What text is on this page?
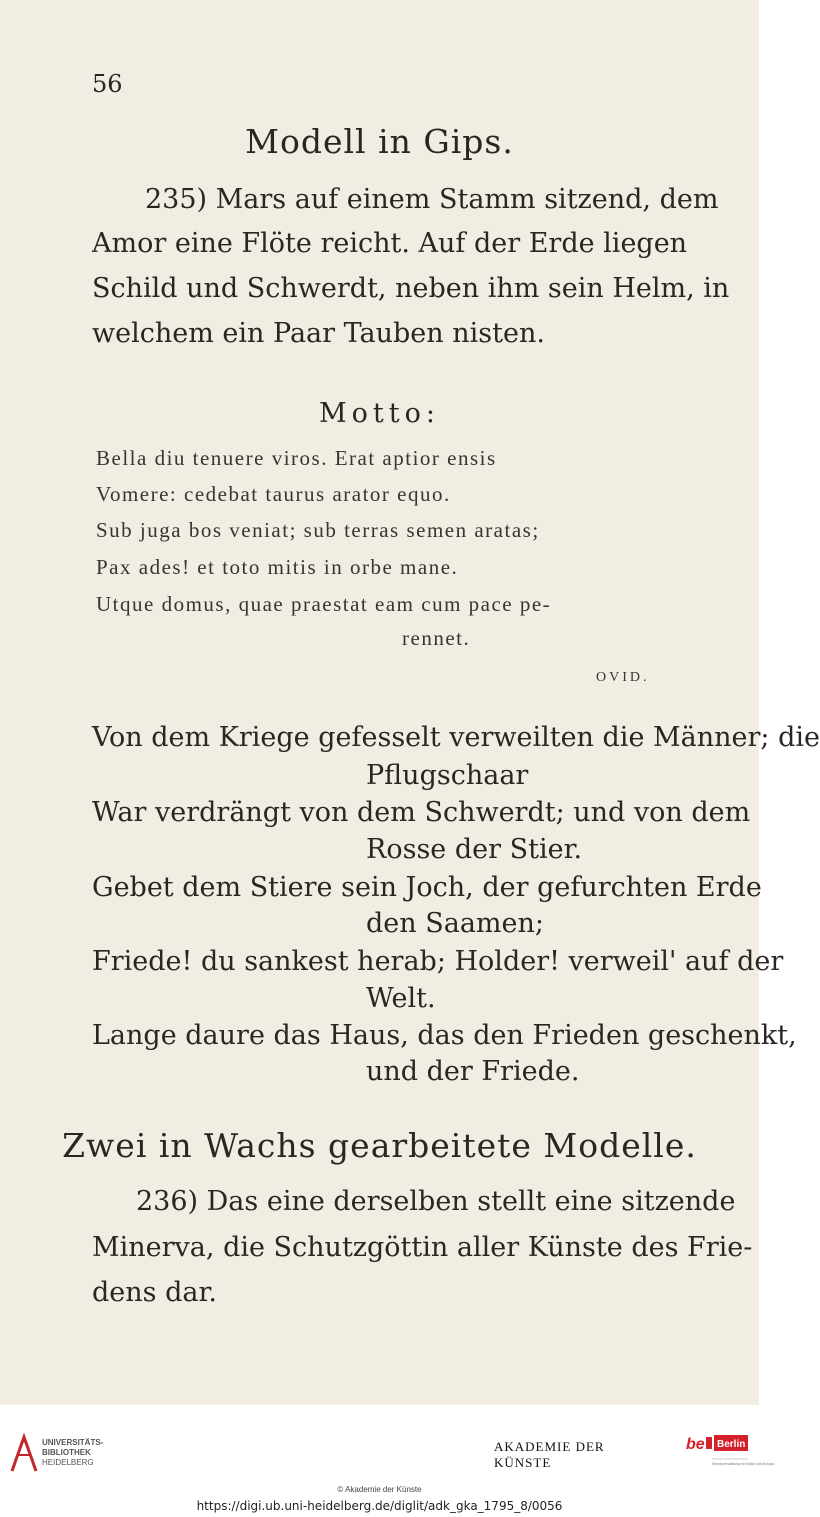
56
Modell in Gips.
235) Mars auf einem Stamm sitzend, dem
Amor eine Flöte reicht. Auf der Erde liegen
Schild und Schwerdt, neben ihm sein Helm, in
welchem ein Paar Tauben nisten.
Motto:
Bella diu tenuere viros. Erat aptior ensis
Vomere: cedebat taurus arator equo.
Sub juga bos veniat; sub terras semen aratas;
Pax ades! et toto mitis in orbe mane.
Utque domus, quae praestat eam cum pace pe-
rennet.
OVID.
Von dem Kriege gefesselt verweilten die Männer; die
Pflugschaar
War verdrängt von dem Schwerdt; und von dem
Rosse der Stier.
Gebet dem Stiere sein Joch, der gefurchten Erde
den Saamen;
Friede! du sankest herab; Holder! verweil' auf der
Welt.
Lange daure das Haus, das den Frieden geschenkt,
und der Friede.
Zwei in Wachs gearbeitete Modelle.
236) Das eine derselben stellt eine sitzende
Minerva, die Schutzgöttin aller Künste des Frie-
dens dar.
UNIVERSITÄTS-
BIBLIOTHEK
HEIDELBERG
AKADEMIE DER KÜNSTE
be Berlin
Senatsverwaltung für Kultur und Europa
© Akademie der Künste
https://digi.ub.uni-heidelberg.de/diglit/adk_gka_1795_8/0056
